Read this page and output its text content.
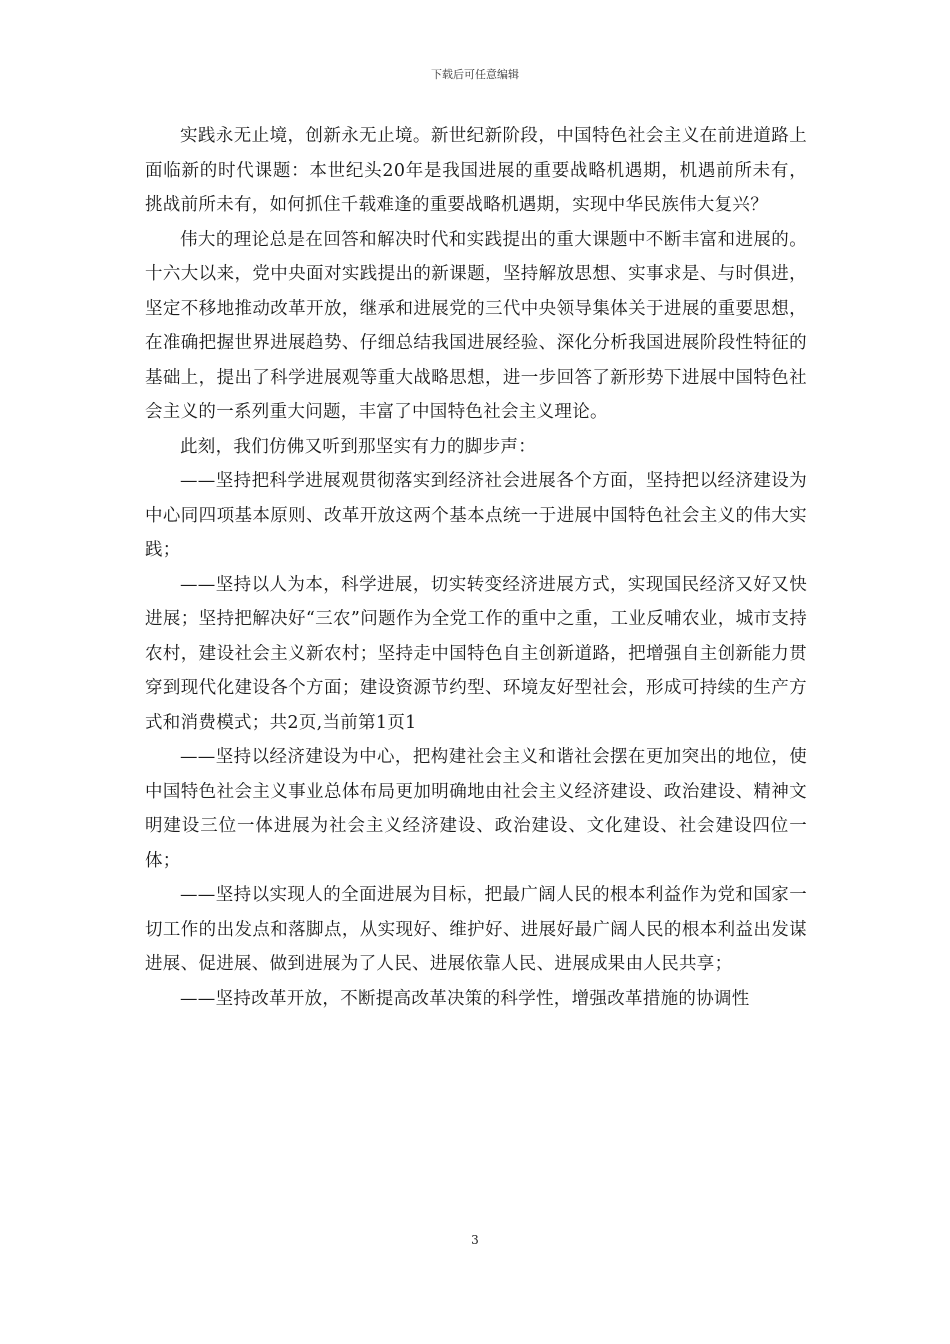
下载后可任意编辑

实践永无止境，创新永无止境。新世纪新阶段，中国特色社会主义在前进道路上面临新的时代课题：本世纪头20年是我国进展的重要战略机遇期，机遇前所未有，挑战前所未有，如何抓住千载难逢的重要战略机遇期，实现中华民族伟大复兴？

伟大的理论总是在回答和解决时代和实践提出的重大课题中不断丰富和进展的。十六大以来，党中央面对实践提出的新课题，坚持解放思想、实事求是、与时俱进，坚定不移地推动改革开放，继承和进展党的三代中央领导集体关于进展的重要思想，在准确把握世界进展趋势、仔细总结我国进展经验、深化分析我国进展阶段性特征的基础上，提出了科学进展观等重大战略思想，进一步回答了新形势下进展中国特色社会主义的一系列重大问题，丰富了中国特色社会主义理论。

此刻，我们仿佛又听到那坚实有力的脚步声：

——坚持把科学进展观贯彻落实到经济社会进展各个方面，坚持把以经济建设为中心同四项基本原则、改革开放这两个基本点统一于进展中国特色社会主义的伟大实践；

——坚持以人为本，科学进展，切实转变经济进展方式，实现国民经济又好又快进展；坚持把解决好“三农”问题作为全党工作的重中之重，工业反哺农业，城市支持农村，建设社会主义新农村；坚持走中国特色自主创新道路，把增强自主创新能力贯穿到现代化建设各个方面；建设资源节约型、环境友好型社会，形成可持续的生产方式和消费模式；共2页,当前第1页1

——坚持以经济建设为中心，把构建社会主义和谐社会摆在更加突出的地位，使中国特色社会主义事业总体布局更加明确地由社会主义经济建设、政治建设、精神文明建设三位一体进展为社会主义经济建设、政治建设、文化建设、社会建设四位一体；

——坚持以实现人的全面进展为目标，把最广阔人民的根本利益作为党和国家一切工作的出发点和落脚点，从实现好、维护好、进展好最广阔人民的根本利益出发谋进展、促进展、做到进展为了人民、进展依靠人民、进展成果由人民共享；

——坚持改革开放，不断提高改革决策的科学性，增强改革措施的协调性

3
